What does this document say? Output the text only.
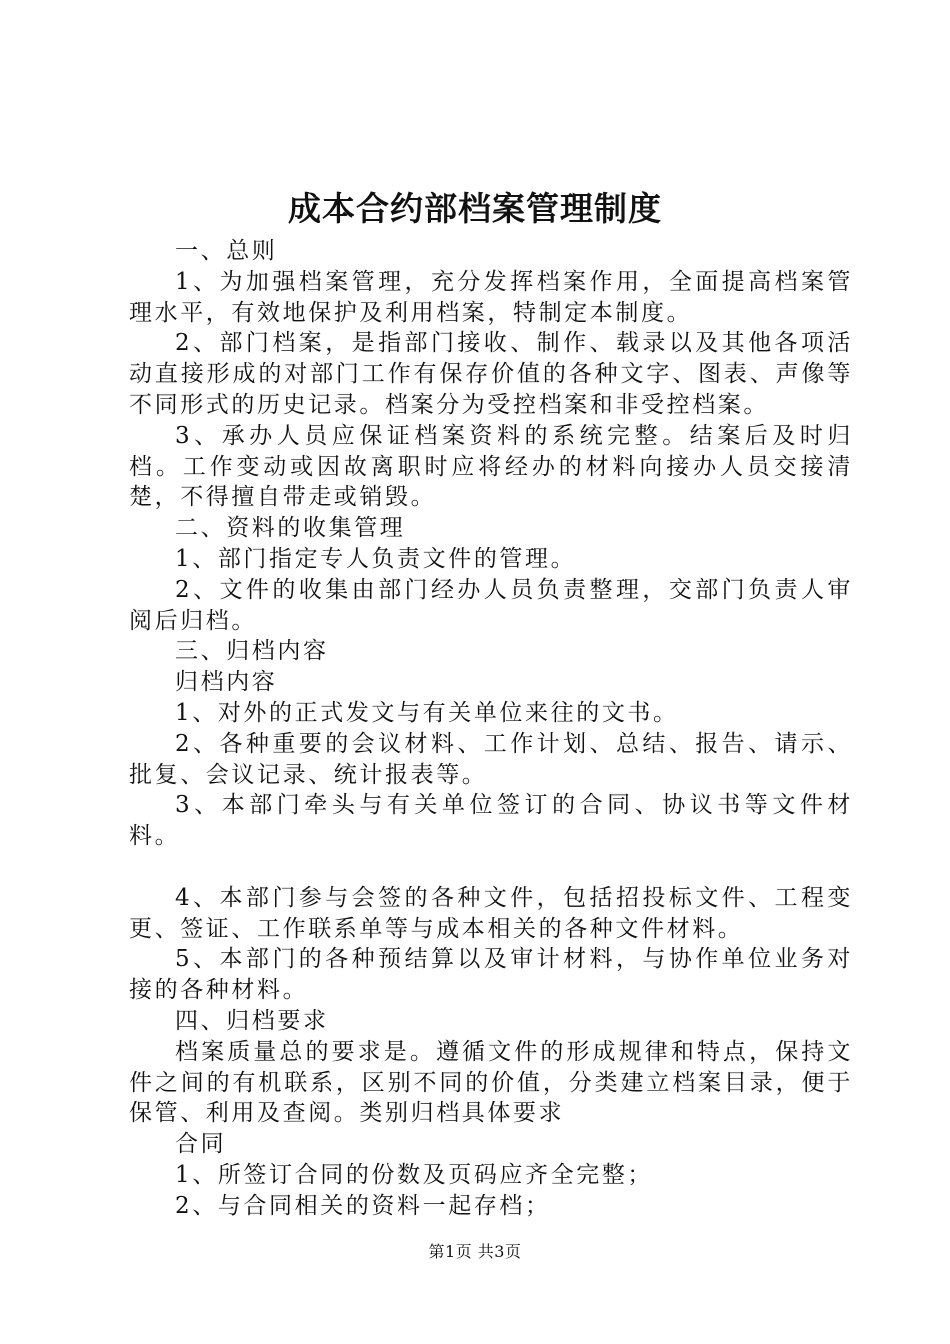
成本合约部档案管理制度

一、总则

1、为加强档案管理，充分发挥档案作用，全面提高档案管理水平，有效地保护及利用档案，特制定本制度。

2、部门档案，是指部门接收、制作、载录以及其他各项活动直接形成的对部门工作有保存价值的各种文字、图表、声像等不同形式的历史记录。档案分为受控档案和非受控档案。

3、承办人员应保证档案资料的系统完整。结案后及时归档。工作变动或因故离职时应将经办的材料向接办人员交接清楚，不得擅自带走或销毁。

二、资料的收集管理

1、部门指定专人负责文件的管理。

2、文件的收集由部门经办人员负责整理，交部门负责人审阅后归档。

三、归档内容

归档内容

1、对外的正式发文与有关单位来往的文书。

2、各种重要的会议材料、工作计划、总结、报告、请示、批复、会议记录、统计报表等。

3、本部门牵头与有关单位签订的合同、协议书等文件材料。

4、本部门参与会签的各种文件，包括招投标文件、工程变更、签证、工作联系单等与成本相关的各种文件材料。

5、本部门的各种预结算以及审计材料，与协作单位业务对接的各种材料。

四、归档要求

档案质量总的要求是。遵循文件的形成规律和特点，保持文件之间的有机联系，区别不同的价值，分类建立档案目录，便于保管、利用及查阅。类别归档具体要求

合同

1、所签订合同的份数及页码应齐全完整；

2、与合同相关的资料一起存档；

第1页 共3页
